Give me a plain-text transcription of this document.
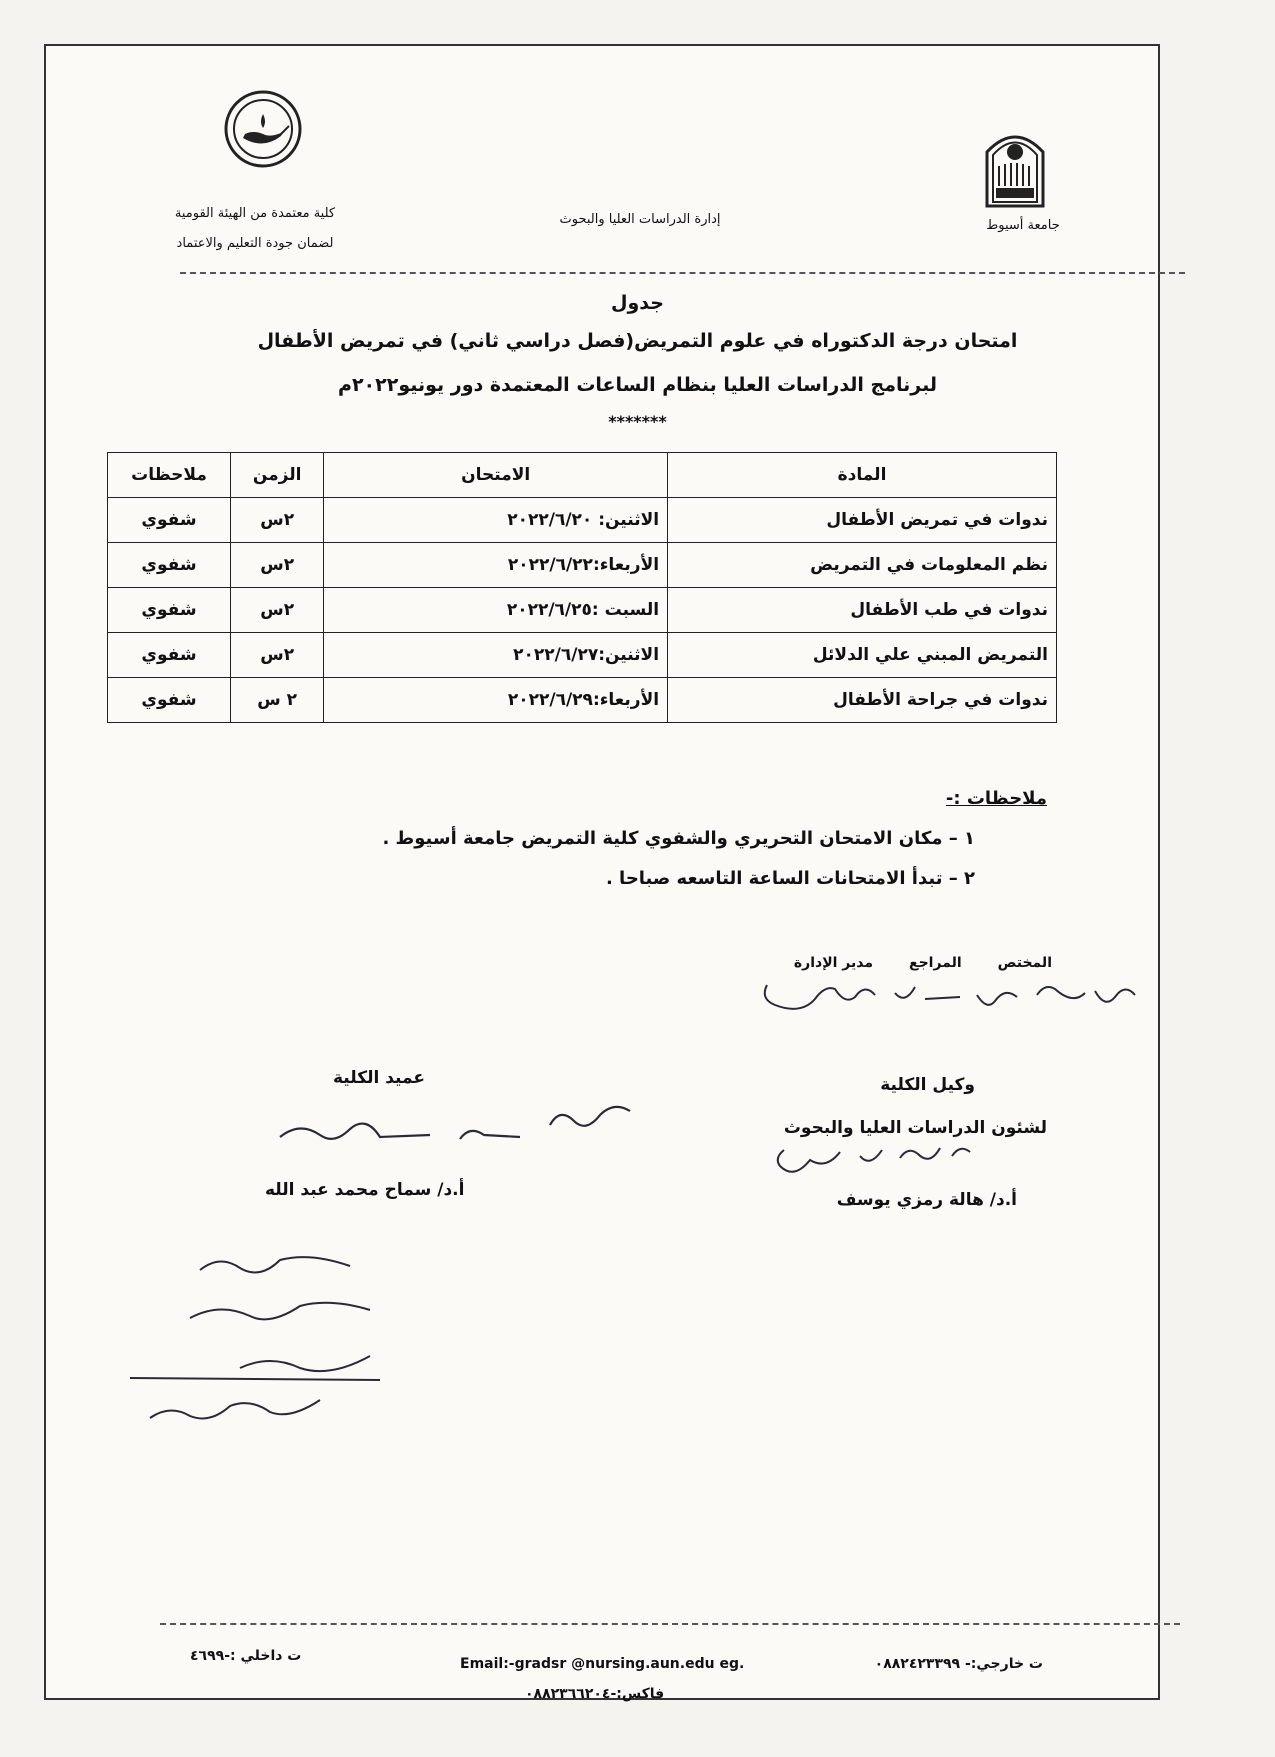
جامعة أسيوط
إدارة الدراسات العليا والبحوث
كلية معتمدة من الهيئة القومية
لضمان جودة التعليم والاعتماد
جدول
امتحان درجة الدكتوراه في علوم التمريض(فصل دراسي ثاني) في تمريض الأطفال
لبرنامج الدراسات العليا بنظام الساعات المعتمدة دور يونيو٢٠٢٢م
*******
المادة	الامتحان	الزمن	ملاحظات
ندوات في تمريض الأطفال	الاثنين: ٢٠٢٢/٦/٢٠	٢س	شفوي
نظم المعلومات في التمريض	الأربعاء:٢٠٢٢/٦/٢٢	٢س	شفوي
ندوات في طب الأطفال	السبت :٢٠٢٢/٦/٢٥	٢س	شفوي
التمريض المبني علي الدلائل	الاثنين:٢٠٢٢/٦/٢٧	٢س	شفوي
ندوات في جراحة الأطفال	الأربعاء:٢٠٢٢/٦/٢٩	٢ س	شفوي
ملاحظات :-
١ – مكان الامتحان التحريري والشفوي كلية التمريض جامعة أسيوط .
٢ – تبدأ الامتحانات الساعة التاسعه صباحا .
المختص
المراجع
مدير الإدارة
وكيل الكلية
لشئون الدراسات العليا والبحوث
أ.د/ هالة رمزي يوسف
عميد الكلية
أ.د/ سماح محمد عبد الله
ت خارجي:- ٠٨٨٢٤٢٣٣٩٩
Email:-gradsr @nursing.aun.edu eg.
ت داخلي :-٤٦٩٩
فاكس:-٠٨٨٢٣٦٦٢٠٤
